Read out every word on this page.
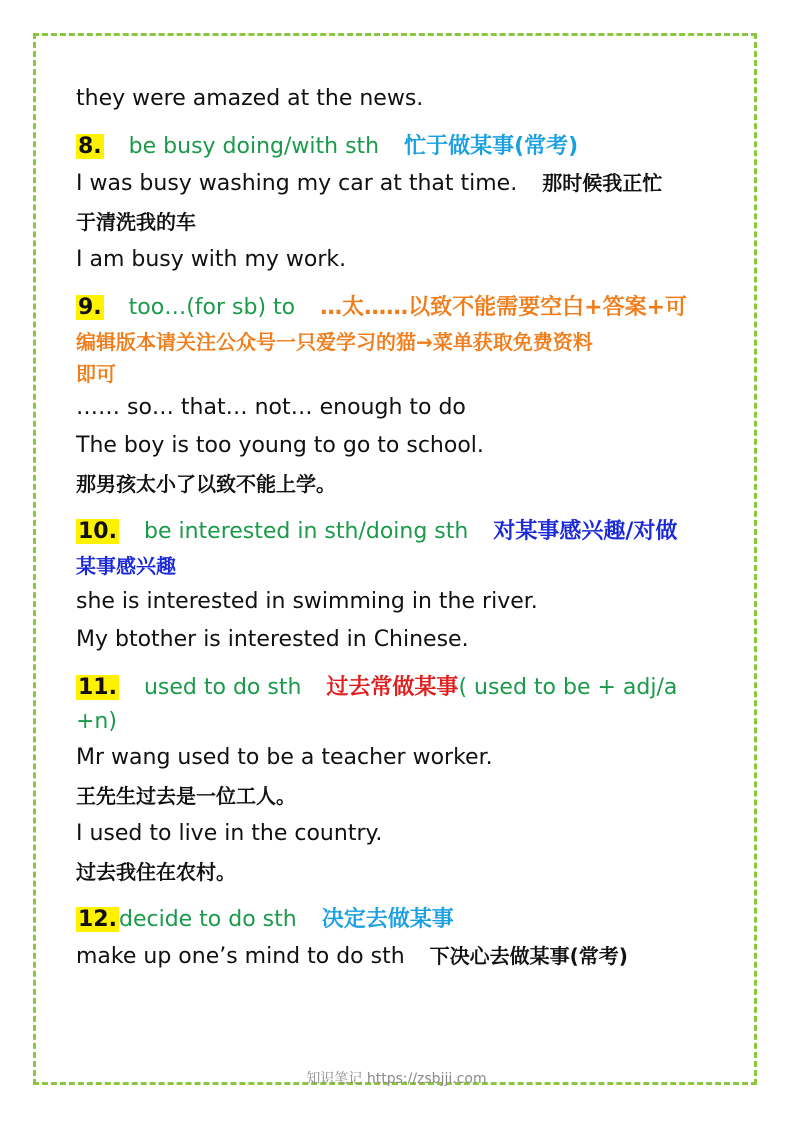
they were amazed at the news.
8. be busy doing/with sth 忙于做某事(常考)
I was busy washing my car at that time. 那时候我正忙
于清洗我的车
I am busy with my work.
9. too…(for sb) to …太……以致不能需要空白+答案+可
编辑版本请关注公众号一只爱学习的猫→菜单获取免费资料
即可
…… so… that… not… enough to do
The boy is too young to go to school.
那男孩太小了以致不能上学。
10. be interested in sth/doing sth 对某事感兴趣/对做
某事感兴趣
she is interested in swimming in the river.
My btother is interested in Chinese.
11. used to do sth 过去常做某事( used to be + adj/a
+n)
Mr wang used to be a teacher worker.
王先生过去是一位工人。
I used to live in the country.
过去我住在农村。
12.decide to do sth 决定去做某事
make up one’s mind to do sth 下决心去做某事(常考)
知识笔记 https://zsbjji.com
